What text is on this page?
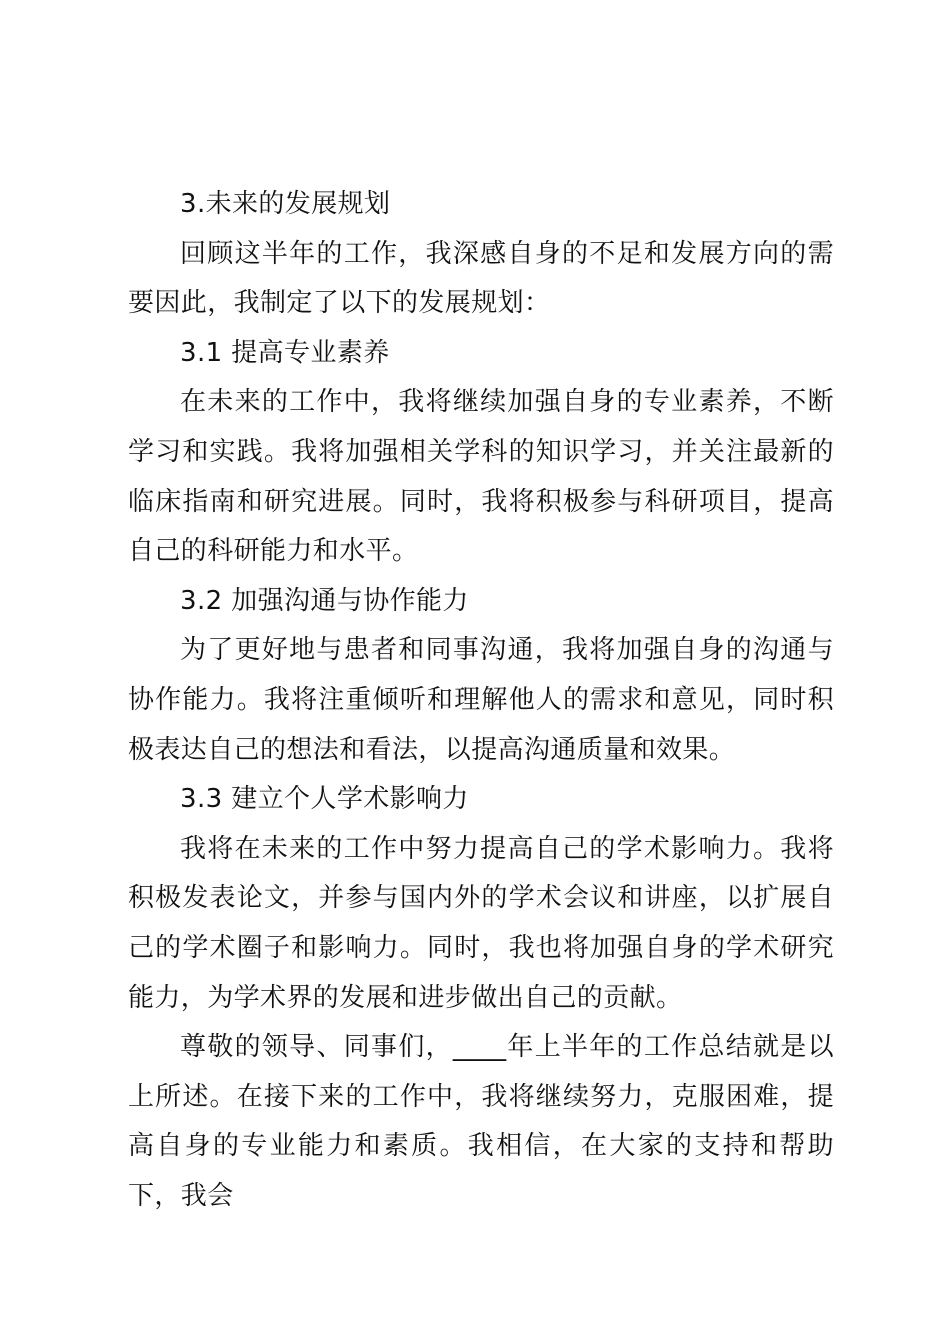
3.未来的发展规划

回顾这半年的工作，我深感自身的不足和发展方向的需要因此，我制定了以下的发展规划：

3.1 提高专业素养

在未来的工作中，我将继续加强自身的专业素养，不断学习和实践。我将加强相关学科的知识学习，并关注最新的临床指南和研究进展。同时，我将积极参与科研项目，提高自己的科研能力和水平。

3.2 加强沟通与协作能力

为了更好地与患者和同事沟通，我将加强自身的沟通与协作能力。我将注重倾听和理解他人的需求和意见，同时积极表达自己的想法和看法，以提高沟通质量和效果。

3.3 建立个人学术影响力

我将在未来的工作中努力提高自己的学术影响力。我将积极发表论文，并参与国内外的学术会议和讲座，以扩展自己的学术圈子和影响力。同时，我也将加强自身的学术研究能力，为学术界的发展和进步做出自己的贡献。

尊敬的领导、同事们，____年上半年的工作总结就是以上所述。在接下来的工作中，我将继续努力，克服困难，提高自身的专业能力和素质。我相信，在大家的支持和帮助下，我会
